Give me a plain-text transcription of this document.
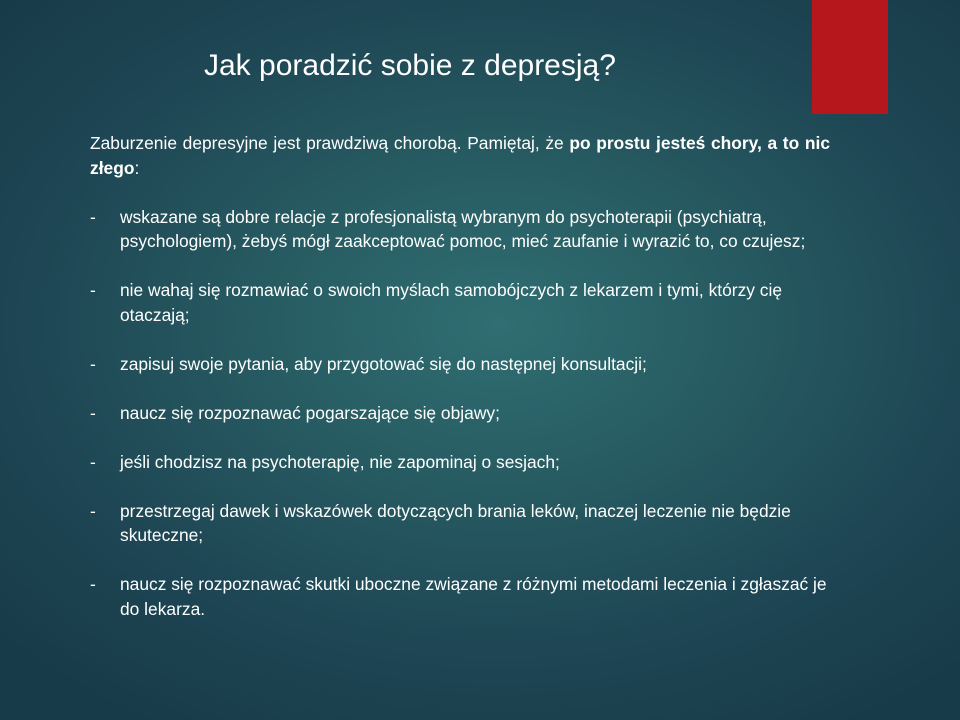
Jak poradzić sobie z depresją?
Zaburzenie depresyjne jest prawdziwą chorobą. Pamiętaj, że po prostu jesteś chory, a to nic złego:
- wskazane są dobre relacje z profesjonalistą wybranym do psychoterapii (psychiatrą, psychologiem), żebyś mógł zaakceptować pomoc, mieć zaufanie i wyrazić to, co czujesz;
- nie wahaj się rozmawiać o swoich myślach samobójczych z lekarzem i tymi, którzy cię otaczają;
- zapisuj swoje pytania, aby przygotować się do następnej konsultacji;
- naucz się rozpoznawać pogarszające się objawy;
- jeśli chodzisz na psychoterapię, nie zapominaj o sesjach;
- przestrzegaj dawek i wskazówek dotyczących brania leków, inaczej leczenie nie będzie skuteczne;
- naucz się rozpoznawać skutki uboczne związane z różnymi metodami leczenia i zgłaszać je do lekarza.
